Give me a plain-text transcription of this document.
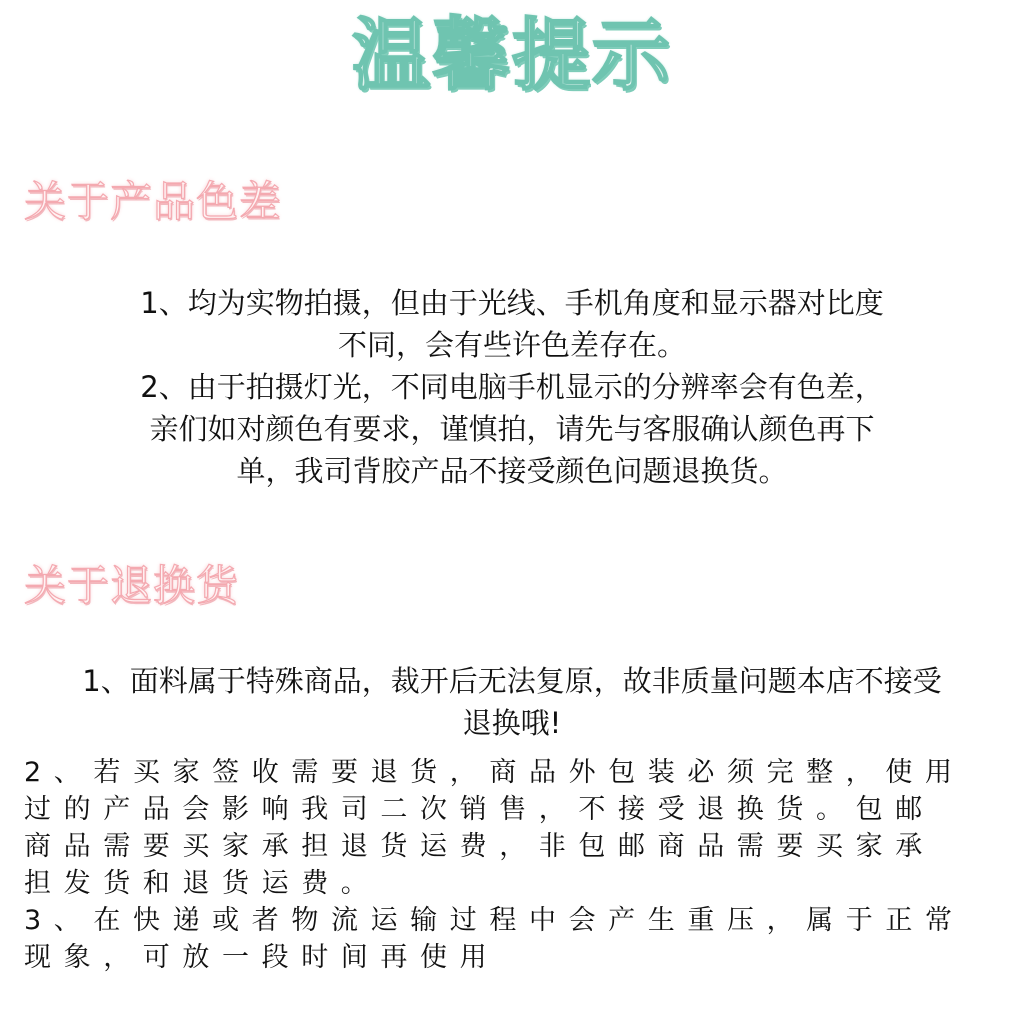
温馨提示
关于产品色差
1、均为实物拍摄，但由于光线、手机角度和显示器对比度
不同，会有些许色差存在。
2、由于拍摄灯光，不同电脑手机显示的分辨率会有色差，
亲们如对颜色有要求，谨慎拍，请先与客服确认颜色再下
单，我司背胶产品不接受颜色问题退换货。
关于退换货
1、面料属于特殊商品，裁开后无法复原，故非质量问题本店不接受
退换哦!
2、若买家签收需要退货，商品外包装必须完整，使用
过的产品会影响我司二次销售，不接受退换货。包邮
商品需要买家承担退货运费，非包邮商品需要买家承
担发货和退货运费。
3、在快递或者物流运输过程中会产生重压，属于正常
现象，可放一段时间再使用
